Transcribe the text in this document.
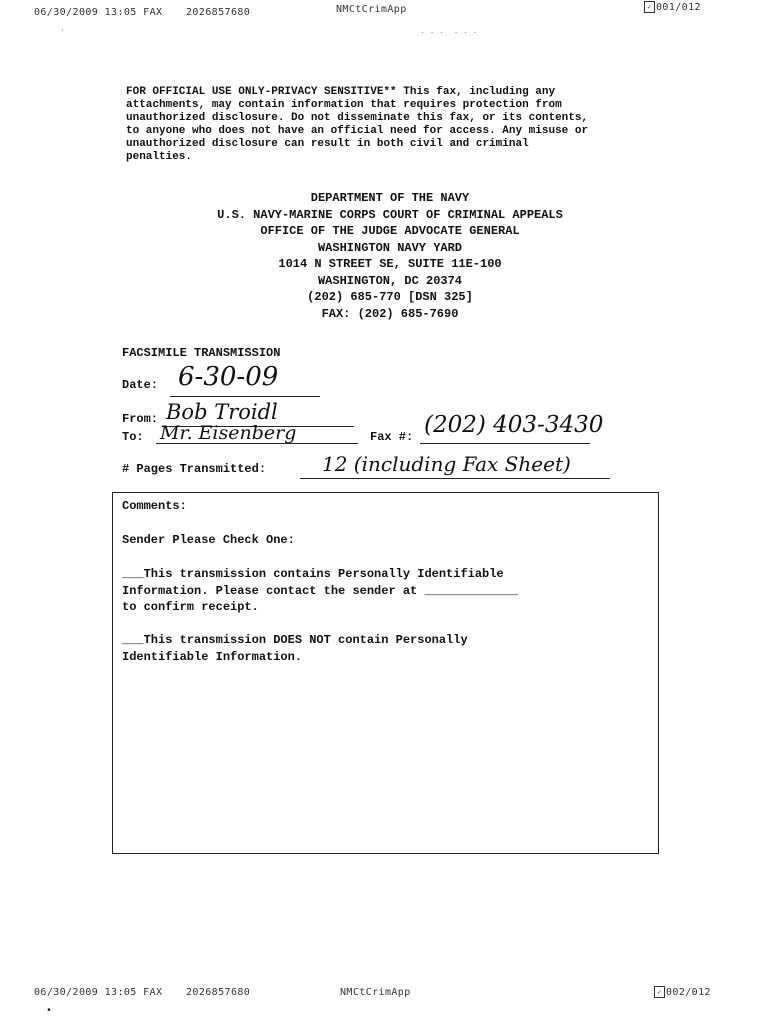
06/30/2009 13:05 FAX 2026857680	NMCtCrimApp	✓ 001/012
·	. . .  . . .
FOR OFFICIAL USE ONLY-PRIVACY SENSITIVE** This fax, including any
attachments, may contain information that requires protection from
unauthorized disclosure. Do not disseminate this fax, or its contents,
to anyone who does not have an official need for access. Any misuse or
unauthorized disclosure can result in both civil and criminal
penalties.
DEPARTMENT OF THE NAVY
U.S. NAVY-MARINE CORPS COURT OF CRIMINAL APPEALS
OFFICE OF THE JUDGE ADVOCATE GENERAL
WASHINGTON NAVY YARD
1014 N STREET SE, SUITE 11E-100
WASHINGTON, DC 20374
(202) 685-770 [DSN 325]
FAX: (202) 685-7690
FACSIMILE TRANSMISSION
Date: 6-30-09
From: Bob Troidl
To: Mr. Eisenberg	Fax #: (202) 403-3430
# Pages Transmitted:	12 (including Fax Sheet)
Comments:
Sender Please Check One:
___This transmission contains Personally Identifiable
Information. Please contact the sender at _____________
to confirm receipt.
___This transmission DOES NOT contain Personally
Identifiable Information.
06/30/2009 13:05 FAX 2026857680	NMCtCrimApp	✓ 002/012
•
